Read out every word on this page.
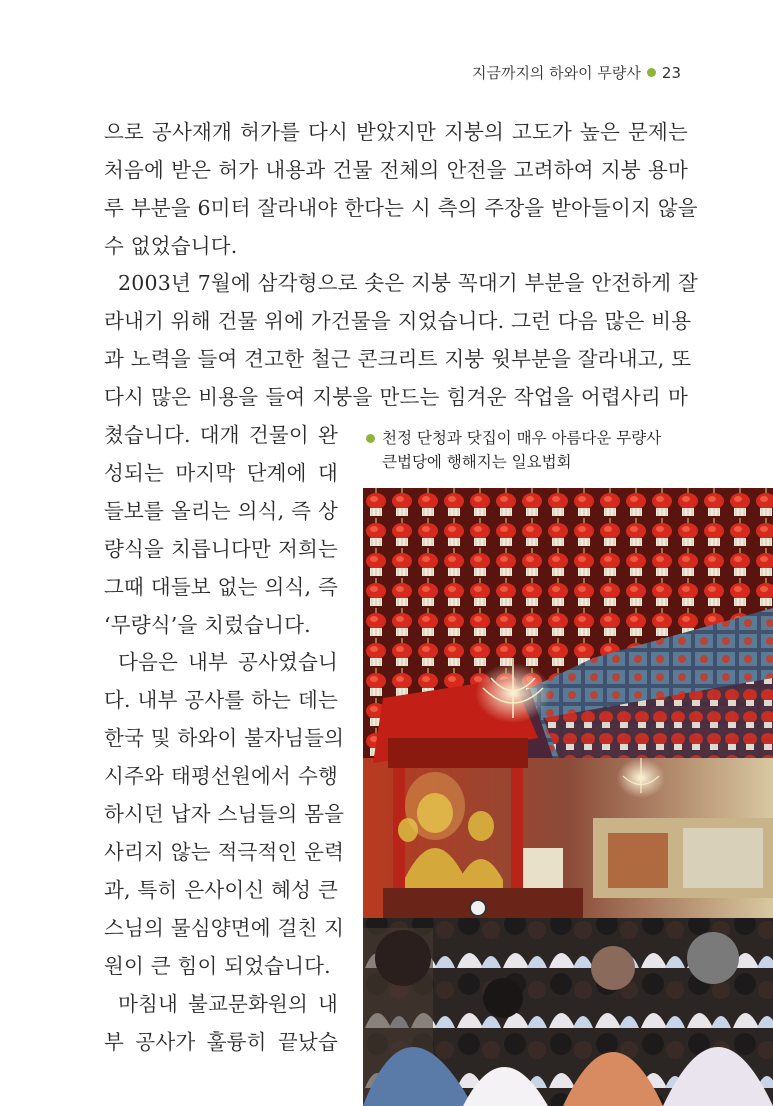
지금까지의 하와이 무량사 23
으로 공사재개 허가를 다시 받았지만 지붕의 고도가 높은 문제는
처음에 받은 허가 내용과 건물 전체의 안전을 고려하여 지붕 용마
루 부분을 6미터 잘라내야 한다는 시 측의 주장을 받아들이지 않을
수 없었습니다.
2003년 7월에 삼각형으로 솟은 지붕 꼭대기 부분을 안전하게 잘
라내기 위해 건물 위에 가건물을 지었습니다. 그런 다음 많은 비용
과 노력을 들여 견고한 철근 콘크리트 지붕 윗부분을 잘라내고, 또
다시 많은 비용을 들여 지붕을 만드는 힘겨운 작업을 어렵사리 마
쳤습니다. 대개 건물이 완
성되는 마지막 단계에 대
들보를 올리는 의식, 즉 상
량식을 치릅니다만 저희는
그때 대들보 없는 의식, 즉
‘무량식’을 치렀습니다.
다음은 내부 공사였습니
다. 내부 공사를 하는 데는
한국 및 하와이 불자님들의
시주와 태평선원에서 수행
하시던 납자 스님들의 몸을
사리지 않는 적극적인 운력
과, 특히 은사이신 혜성 큰
스님의 물심양면에 걸친 지
원이 큰 힘이 되었습니다.
마침내 불교문화원의 내
부 공사가 훌륭히 끝났습
천정 단청과 닷집이 매우 아름다운 무량사
큰법당에 행해지는 일요법회
